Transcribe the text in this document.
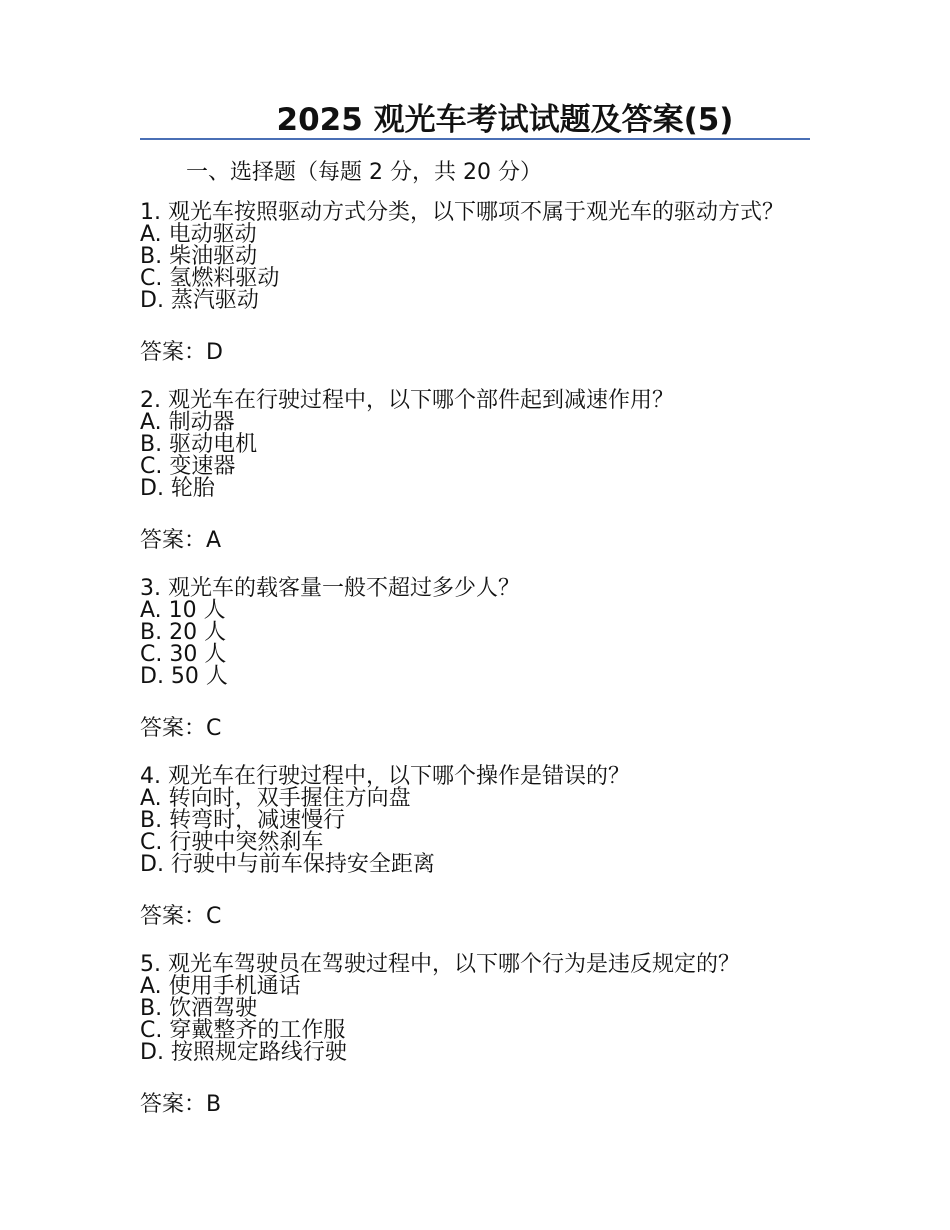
2025 观光车考试试题及答案(5)
一、选择题（每题 2 分，共 20 分）
1. 观光车按照驱动方式分类，以下哪项不属于观光车的驱动方式？
A. 电动驱动
B. 柴油驱动
C. 氢燃料驱动
D. 蒸汽驱动
答案：D
2. 观光车在行驶过程中，以下哪个部件起到减速作用？
A. 制动器
B. 驱动电机
C. 变速器
D. 轮胎
答案：A
3. 观光车的载客量一般不超过多少人？
A. 10 人
B. 20 人
C. 30 人
D. 50 人
答案：C
4. 观光车在行驶过程中，以下哪个操作是错误的？
A. 转向时，双手握住方向盘
B. 转弯时，减速慢行
C. 行驶中突然刹车
D. 行驶中与前车保持安全距离
答案：C
5. 观光车驾驶员在驾驶过程中，以下哪个行为是违反规定的？
A. 使用手机通话
B. 饮酒驾驶
C. 穿戴整齐的工作服
D. 按照规定路线行驶
答案：B
